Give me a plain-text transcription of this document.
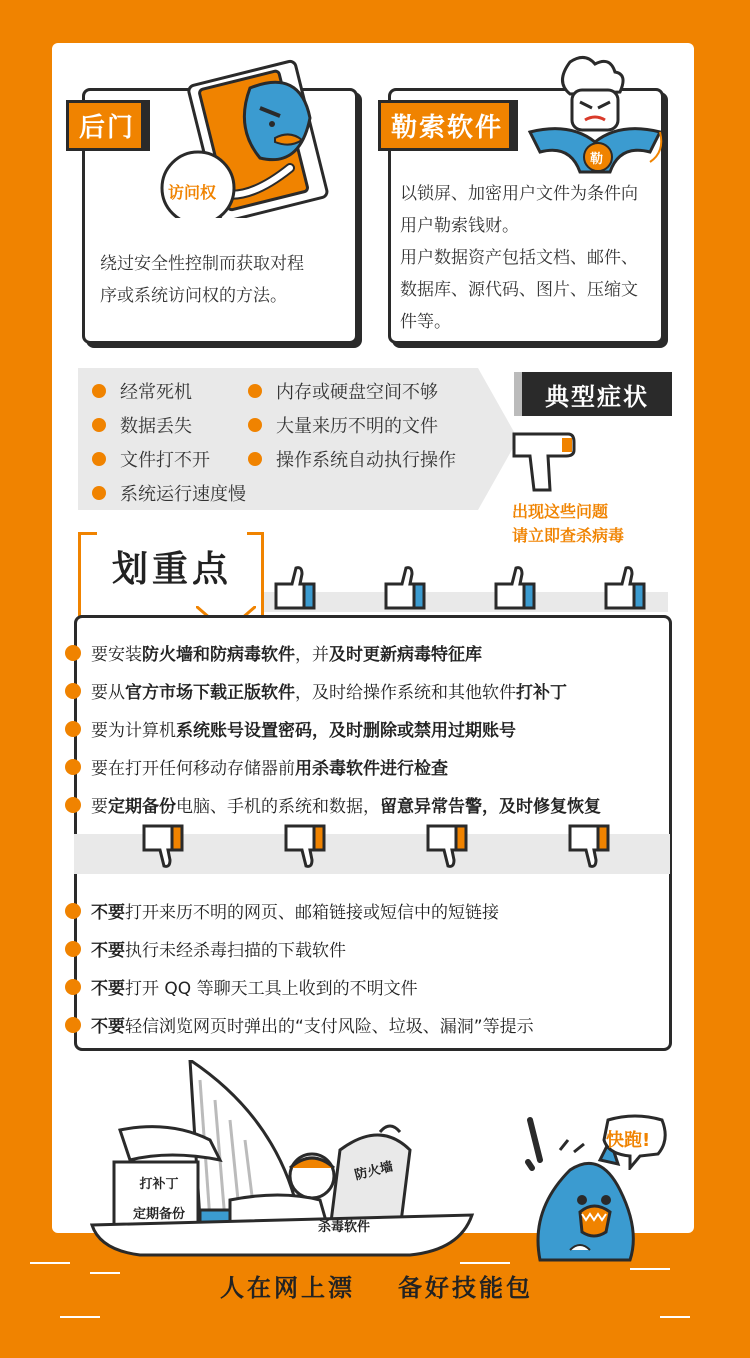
后门
访问权
绕过安全性控制而获取对程
序或系统访问权的方法。
勒索软件
勒
以锁屏、加密用户文件为条件向
用户勒索钱财。
用户数据资产包括文档、邮件、
数据库、源代码、图片、压缩文
件等。
经常死机	内存或硬盘空间不够
数据丢失	大量来历不明的文件
文件打不开	操作系统自动执行操作
系统运行速度慢
典型症状
出现这些问题
请立即查杀病毒
划重点
要安装 防火墙和防病毒软件 ，并 及时更新病毒特征库
要从 官方市场下载正版软件 ，及时给操作系统和其他软件 打补丁
要为计算机 系统账号设置密码，及时删除或禁用过期账号
要在打开任何移动存储器前 用杀毒软件进行检查
要 定期备份 电脑、手机的系统和数据， 留意异常告警，及时修复恢复
不要 打开来历不明的网页、邮箱链接或短信中的短链接
不要 执行未经杀毒扫描的下载软件
不要 打开 QQ 等聊天工具上收到的不明文件
不要 轻信浏览网页时弹出的“支付风险、垃圾、漏洞”等提示
打补丁
定期备份
防火墙
杀毒软件
快跑!
人在网上漂 备好技能包
